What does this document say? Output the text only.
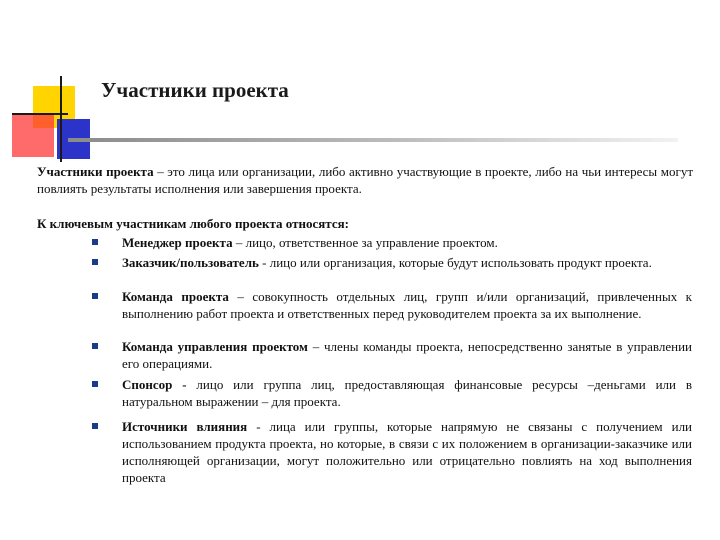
Участники проекта
Участники проекта – это лица или организации, либо активно участвующие в проекте, либо на чьи интересы могут повлиять результаты исполнения или завершения проекта.
К ключевым участникам любого проекта относятся:
Менеджер проекта – лицо, ответственное за управление проектом.
Заказчик/пользователь - лицо или организация, которые будут использовать продукт проекта.
Команда проекта – совокупность отдельных лиц, групп и/или организаций, привлеченных к выполнению работ проекта и ответственных перед руководителем проекта за их выполнение.
Команда управления проектом – члены команды проекта, непосредственно занятые в управлении его операциями.
Спонсор - лицо или группа лиц, предоставляющая финансовые ресурсы –деньгами или в натуральном выражении – для проекта.
Источники влияния - лица или группы, которые напрямую не связаны с получением или использованием продукта проекта, но которые, в связи с их положением в организации-заказчике или исполняющей организации, могут положительно или отрицательно повлиять на ход выполнения проекта
